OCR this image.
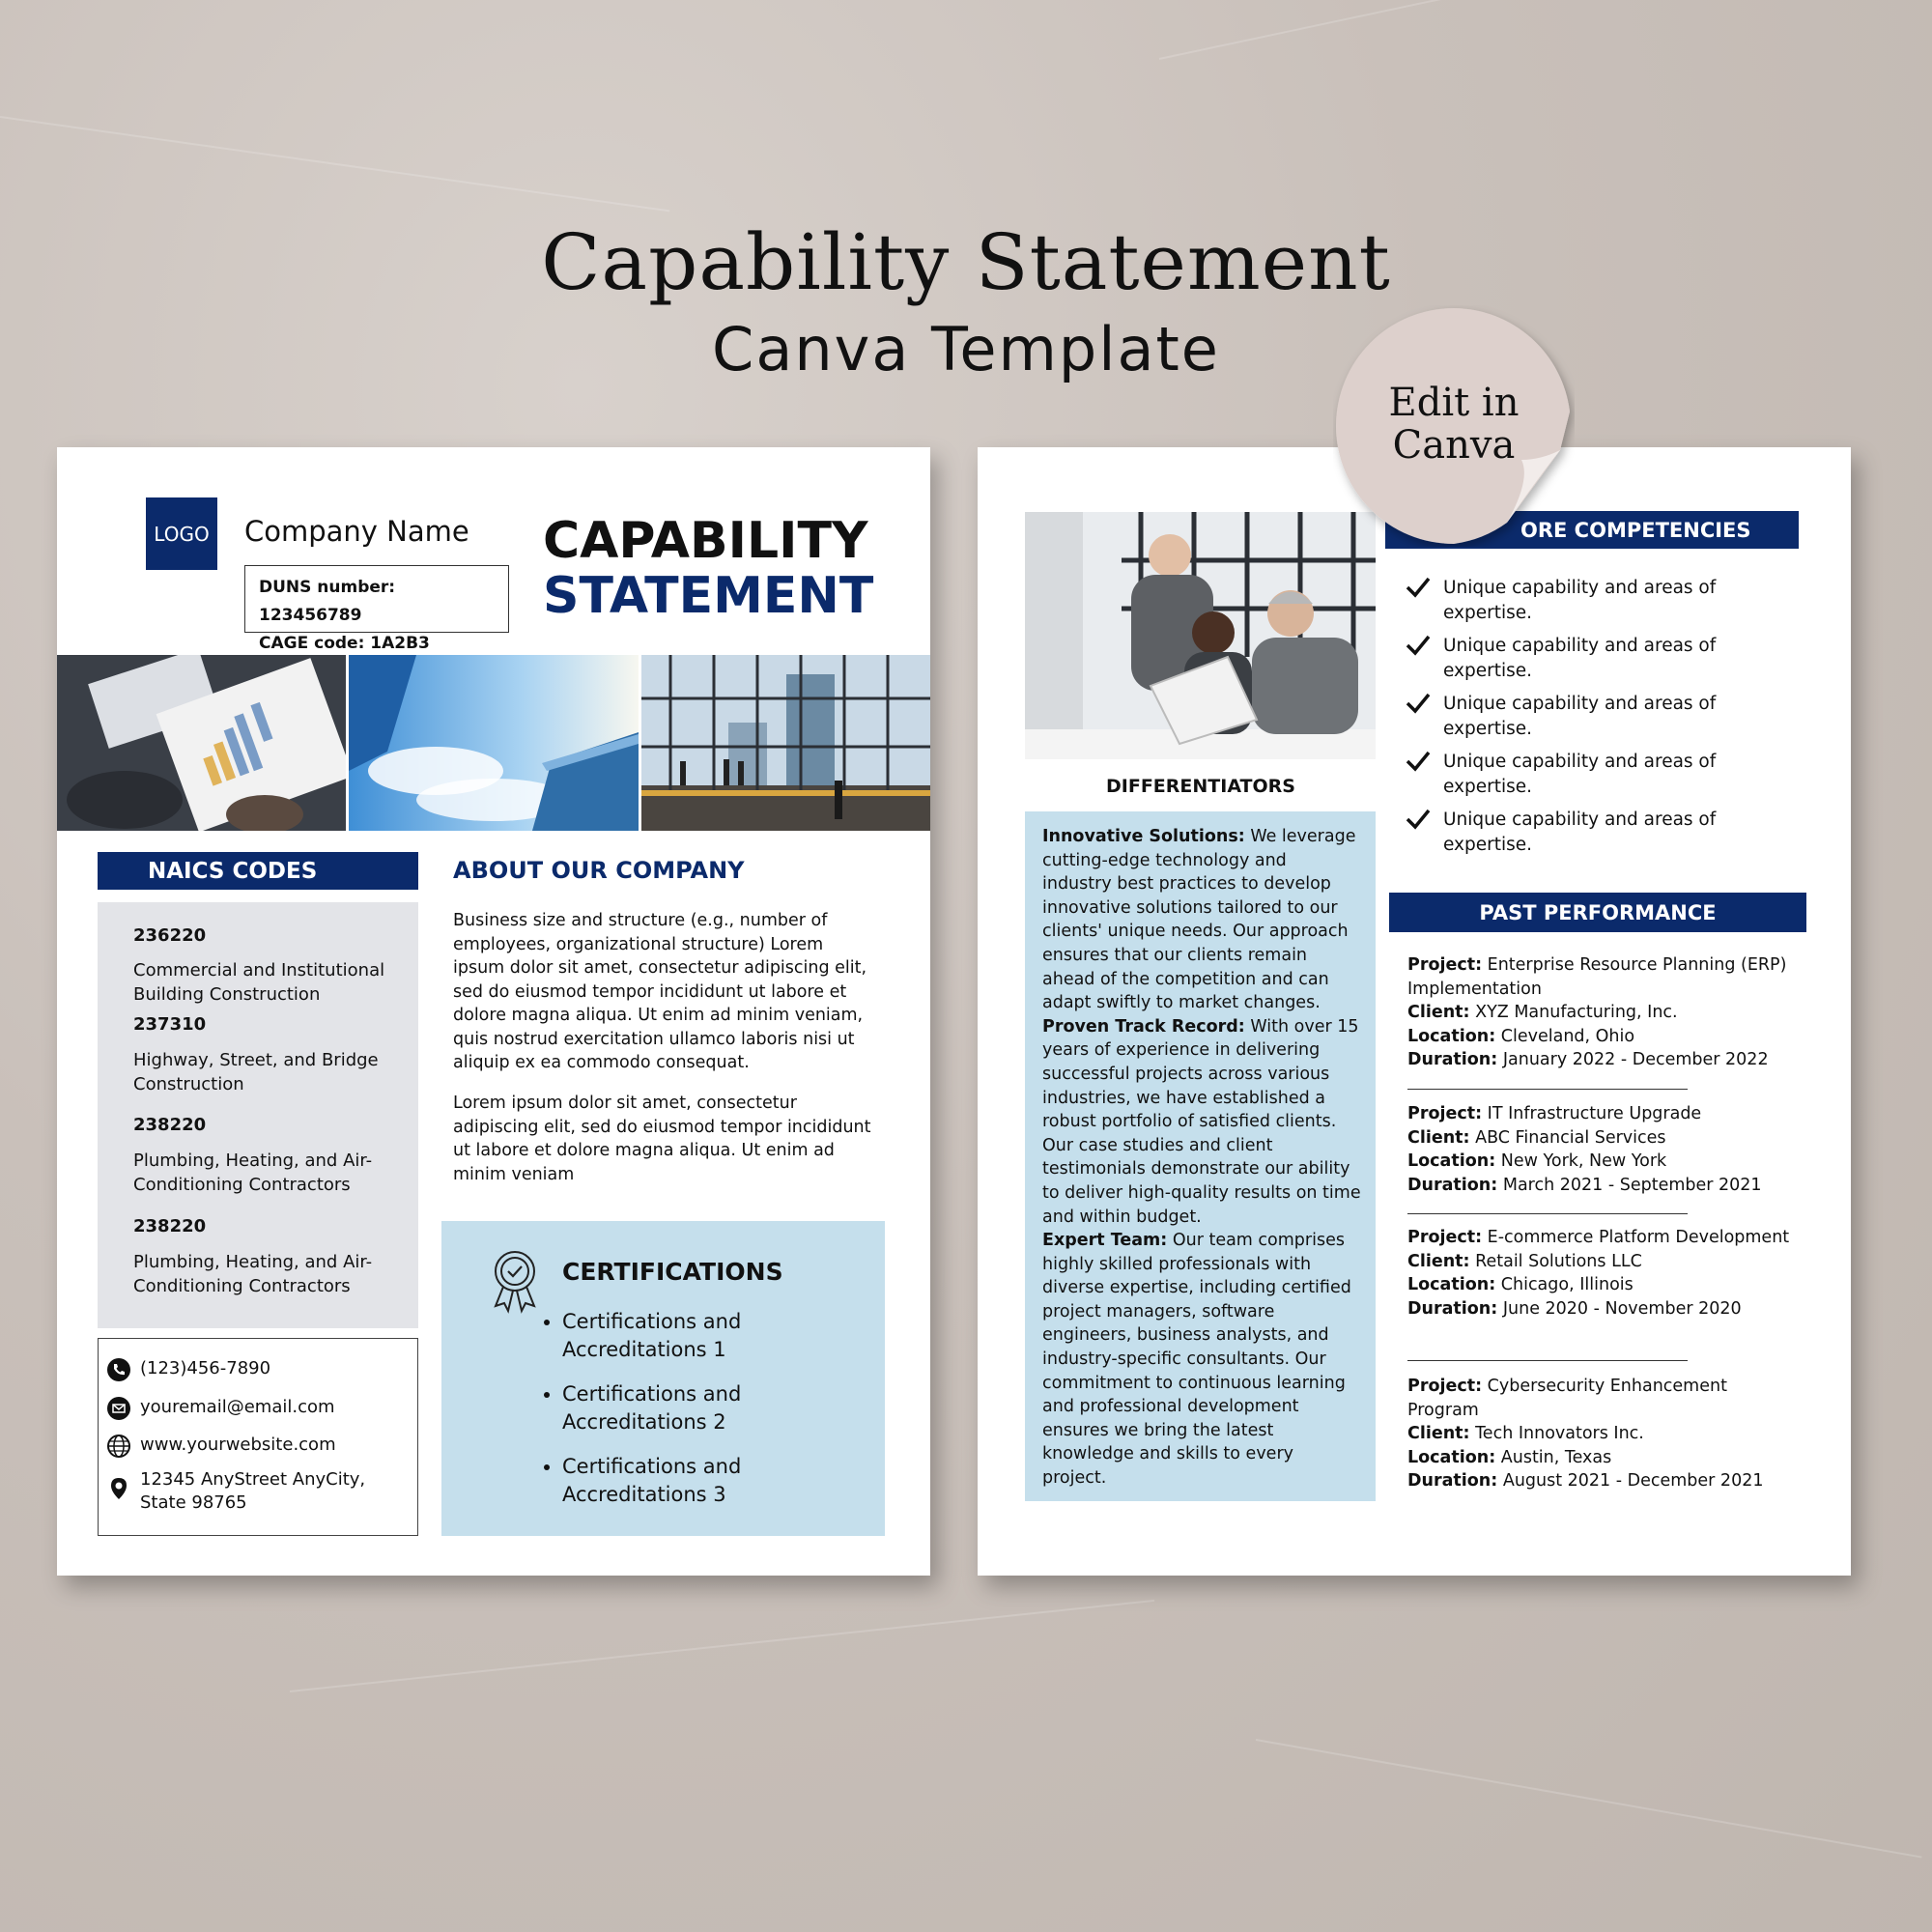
Capability Statement
Canva Template
LOGO Company Name
DUNS number: 123456789
CAGE code: 1A2B3
CAPABILITY
STATEMENT
NAICS CODES
236220
Commercial and Institutional Building Construction
237310
Highway, Street, and Bridge Construction
238220
Plumbing, Heating, and Air-Conditioning Contractors
238220
Plumbing, Heating, and Air-Conditioning Contractors
(123)456-7890
youremail@email.com
www.yourwebsite.com
12345 AnyStreet AnyCity, State 98765
ABOUT OUR COMPANY
Business size and structure (e.g., number of employees, organizational structure) Lorem ipsum dolor sit amet, consectetur adipiscing elit, sed do eiusmod tempor incididunt ut labore et dolore magna aliqua. Ut enim ad minim veniam, quis nostrud exercitation ullamco laboris nisi ut aliquip ex ea commodo consequat.
Lorem ipsum dolor sit amet, consectetur adipiscing elit, sed do eiusmod tempor incididunt ut labore et dolore magna aliqua. Ut enim ad minim veniam
CERTIFICATIONS
• Certifications and Accreditations 1
• Certifications and Accreditations 2
• Certifications and Accreditations 3
DIFFERENTIATORS
Innovative Solutions: We leverage cutting-edge technology and industry best practices to develop innovative solutions tailored to our clients' unique needs. Our approach ensures that our clients remain ahead of the competition and can adapt swiftly to market changes.
Proven Track Record: With over 15 years of experience in delivering successful projects across various industries, we have established a robust portfolio of satisfied clients. Our case studies and client testimonials demonstrate our ability to deliver high-quality results on time and within budget.
Expert Team: Our team comprises highly skilled professionals with diverse expertise, including certified project managers, software engineers, business analysts, and industry-specific consultants. Our commitment to continuous learning and professional development ensures we bring the latest knowledge and skills to every project.
ORE COMPETENCIES
Unique capability and areas of expertise.
Unique capability and areas of expertise.
Unique capability and areas of expertise.
Unique capability and areas of expertise.
Unique capability and areas of expertise.
PAST PERFORMANCE
Project: Enterprise Resource Planning (ERP) Implementation
Client: XYZ Manufacturing, Inc.
Location: Cleveland, Ohio
Duration: January 2022 - December 2022
Project: IT Infrastructure Upgrade
Client: ABC Financial Services
Location: New York, New York
Duration: March 2021 - September 2021
Project: E-commerce Platform Development
Client: Retail Solutions LLC
Location: Chicago, Illinois
Duration: June 2020 - November 2020
Project: Cybersecurity Enhancement Program
Client: Tech Innovators Inc.
Location: Austin, Texas
Duration: August 2021 - December 2021
Edit in
Canva
